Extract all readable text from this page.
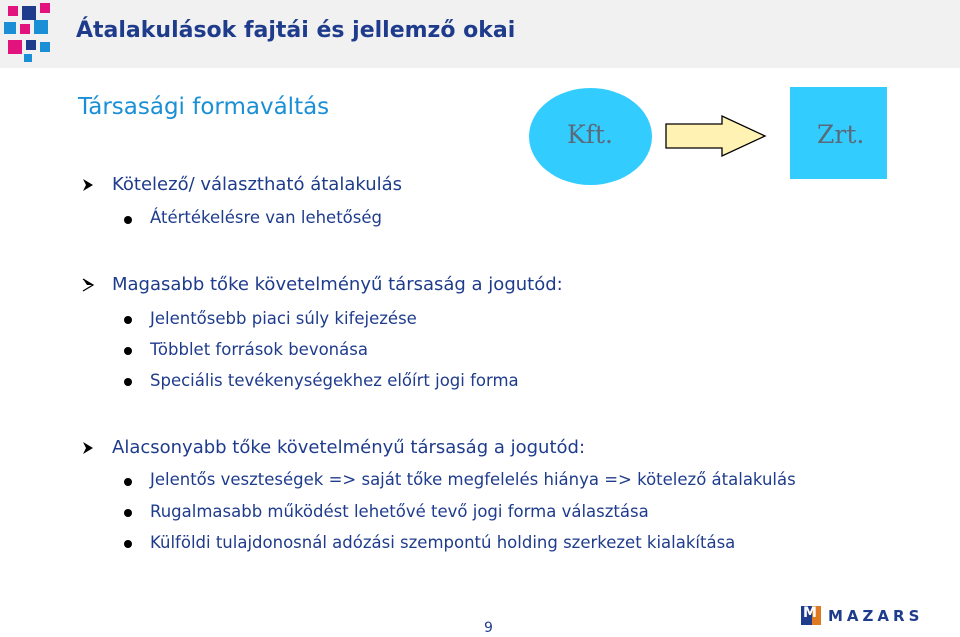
Átalakulások fajtái és jellemző okai
Társasági formaváltás
Kft.	Zrt.
Kötelező/ választható átalakulás
Átértékelésre van lehetőség
Magasabb tőke követelményű társaság a jogutód:
Jelentősebb piaci súly kifejezése
Többlet források bevonása
Speciális tevékenységekhez előírt jogi forma
Alacsonyabb tőke követelményű társaság a jogutód:
Jelentős veszteségek => saját tőke megfelelés hiánya => kötelező átalakulás
Rugalmasabb működést lehetővé tevő jogi forma választása
Külföldi tulajdonosnál adózási szempontú holding szerkezet kialakítása
9
M MAZARS
